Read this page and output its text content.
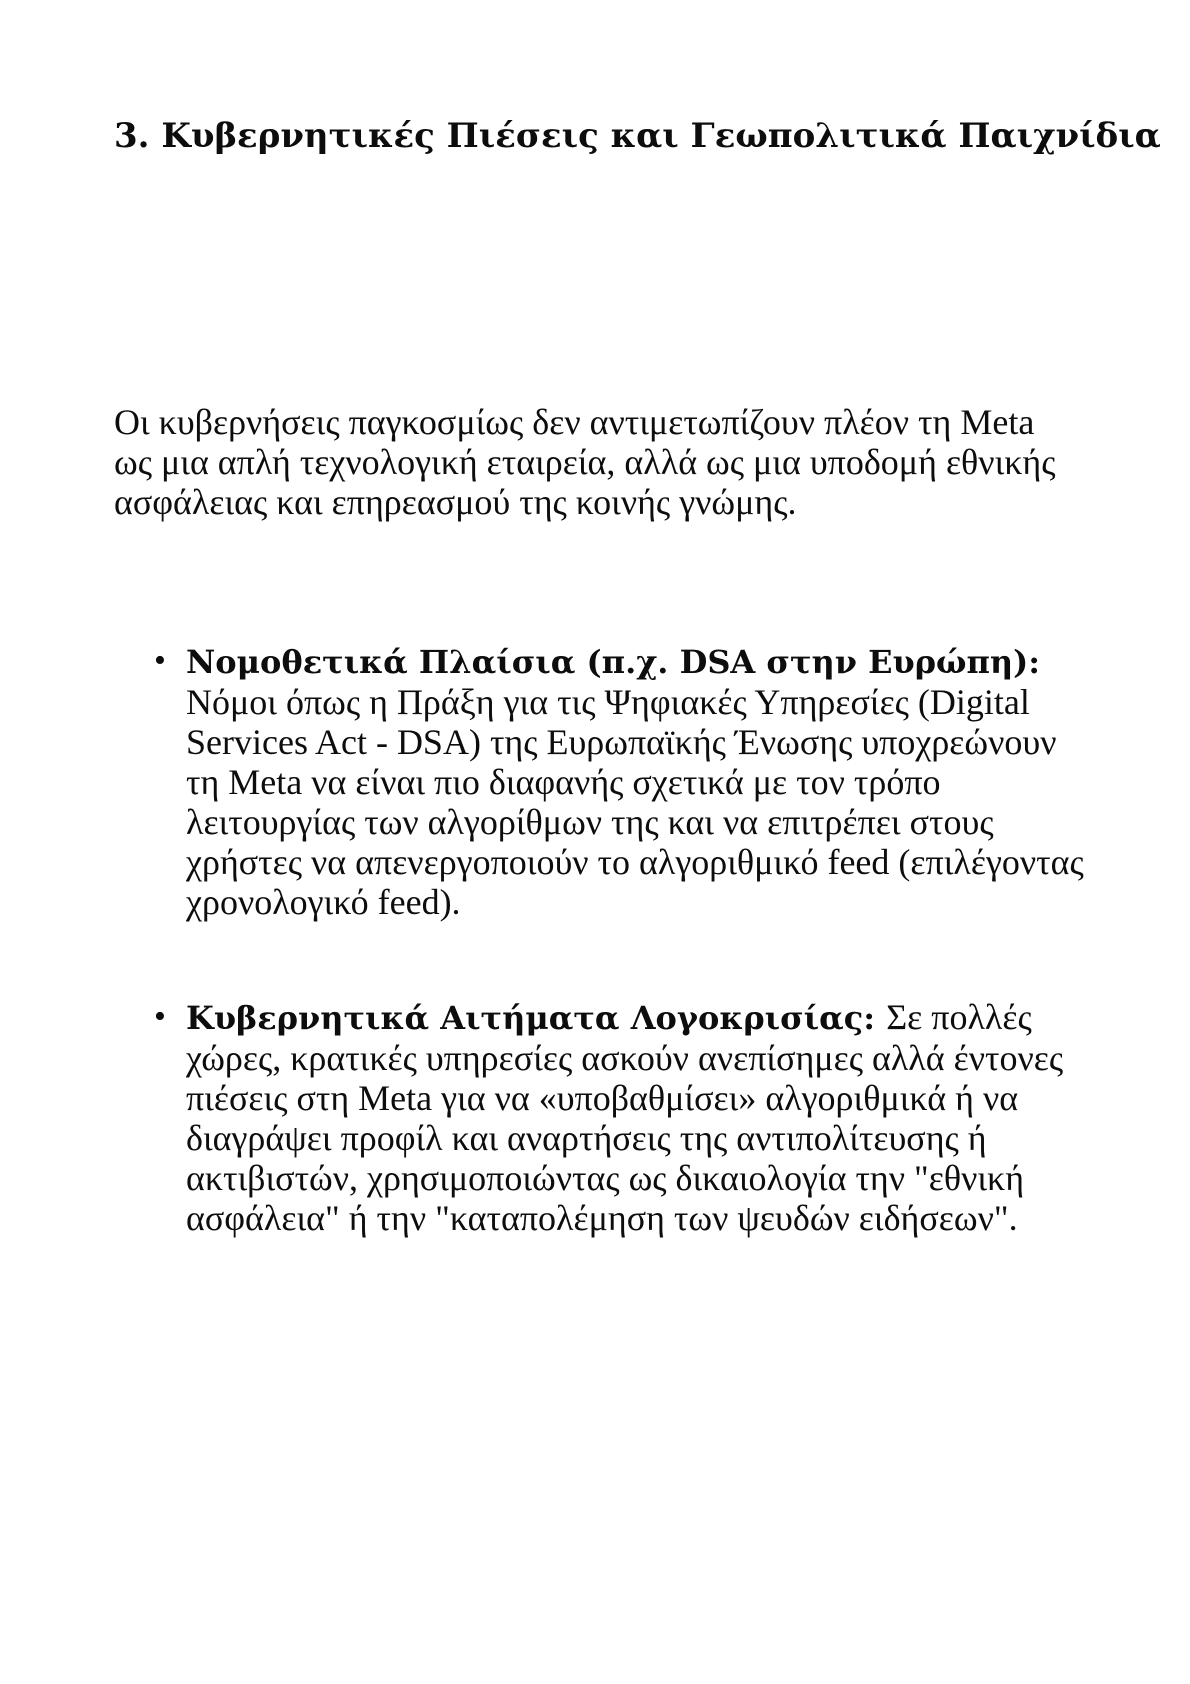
3. Κυβερνητικές Πιέσεις και Γεωπολιτικά Παιχνίδια

Οι κυβερνήσεις παγκοσμίως δεν αντιμετωπίζουν πλέον τη Meta ως μια απλή τεχνολογική εταιρεία, αλλά ως μια υποδομή εθνικής ασφάλειας και επηρεασμού της κοινής γνώμης.

• Νομοθετικά Πλαίσια (π.χ. DSA στην Ευρώπη): Νόμοι όπως η Πράξη για τις Ψηφιακές Υπηρεσίες (Digital Services Act - DSA) της Ευρωπαϊκής Ένωσης υποχρεώνουν τη Meta να είναι πιο διαφανής σχετικά με τον τρόπο λειτουργίας των αλγορίθμων της και να επιτρέπει στους χρήστες να απενεργοποιούν το αλγοριθμικό feed (επιλέγοντας χρονολογικό feed).
• Κυβερνητικά Αιτήματα Λογοκρισίας: Σε πολλές χώρες, κρατικές υπηρεσίες ασκούν ανεπίσημες αλλά έντονες πιέσεις στη Meta για να «υποβαθμίσει» αλγοριθμικά ή να διαγράψει προφίλ και αναρτήσεις της αντιπολίτευσης ή ακτιβιστών, χρησιμοποιώντας ως δικαιολογία την "εθνική ασφάλεια" ή την "καταπολέμηση των ψευδών ειδήσεων".
